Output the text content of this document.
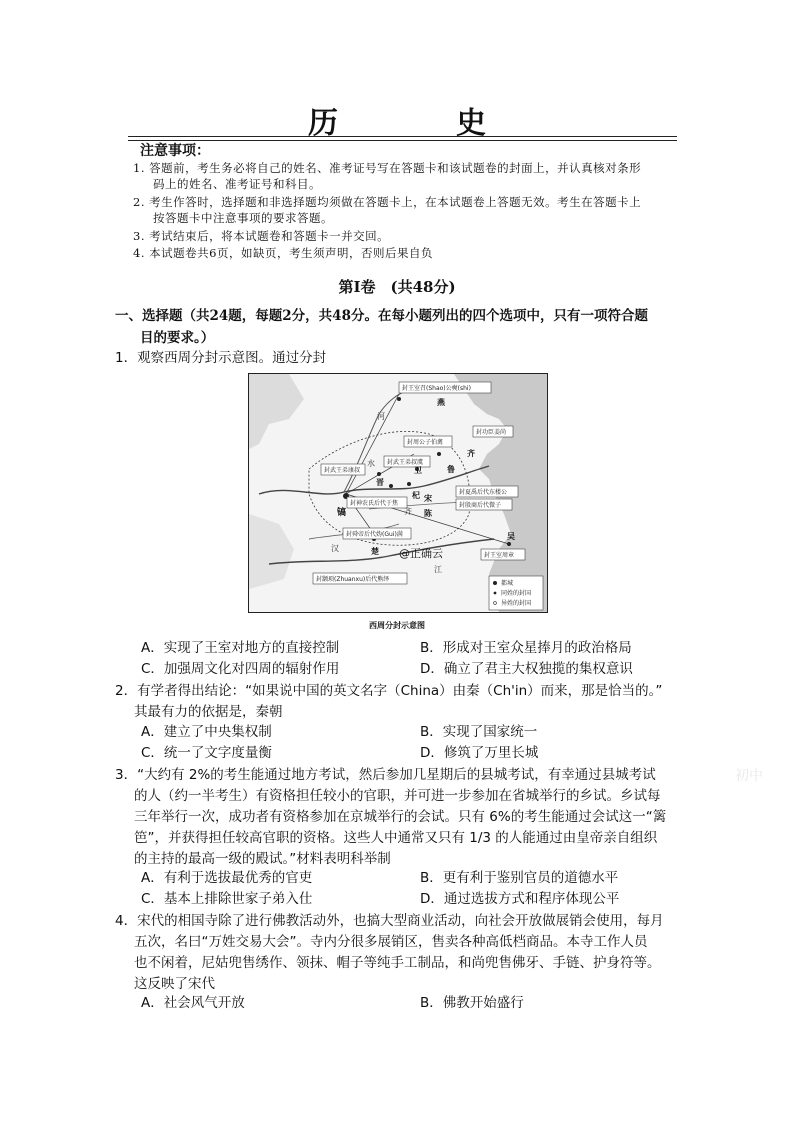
历　史
注意事项：
1. 答题前，考生务必将自己的姓名、准考证号写在答题卡和该试题卷的封面上，并认真核对条形
码上的姓名、准考证号和科目。
2. 考生作答时，选择题和非选择题均须做在答题卡上，在本试题卷上答题无效。考生在答题卡上
按答题卡中注意事项的要求答题。
3. 考试结束后，将本试题卷和答题卡一并交回。
4. 本试题卷共6页，如缺页，考生须声明，否则后果自负
第Ⅰ卷　(共48分)
一、选择题（共24题，每题2分，共48分。在每小题列出的四个选项中，只有一项符合题
目的要求。）
1．观察西周分封示意图。通过分封
封王室召(Shao)公奭(shi)
燕
封功臣姜尚
封周公子伯禽
齐
河
封武王弟康叔
封武王弟叔虞
卫	鲁
水
晋
宋
杞	封夏禹后代东楼公
封殷商后代微子
封神农氏后代于焦
镐	陈
齐
封舜帝后代妫(Gui)满	吴
楚
汉
江
封王室周章
封颛顼(Zhuanxu)后代熊绎
@正确云
都城
同姓的封国
异姓的封国
西周分封示意图
A．实现了王室对地方的直接控制	B．形成对王室众星捧月的政治格局
C．加强周文化对四周的辐射作用	D．确立了君主大权独揽的集权意识
2．有学者得出结论：“如果说中国的英文名字（China）由秦（Ch'in）而来，那是恰当的。”
其最有力的依据是，秦朝
A．建立了中央集权制	B．实现了国家统一
C．统一了文字度量衡	D．修筑了万里长城
3．“大约有 2%的考生能通过地方考试，然后参加几星期后的县城考试，有幸通过县城考试
的人（约一半考生）有资格担任较小的官职，并可进一步参加在省城举行的乡试。乡试每
三年举行一次，成功者有资格参加在京城举行的会试。只有 6%的考生能通过会试这一“篱
笆”，并获得担任较高官职的资格。这些人中通常又只有 1/3 的人能通过由皇帝亲自组织
的主持的最高一级的殿试。”材料表明科举制
A．有利于选拔最优秀的官吏	B．更有利于鉴别官员的道德水平
C．基本上排除世家子弟入仕	D．通过选拔方式和程序体现公平
4．宋代的相国寺除了进行佛教活动外，也搞大型商业活动，向社会开放做展销会使用，每月
五次，名曰“万姓交易大会”。寺内分很多展销区，售卖各种高低档商品。本寺工作人员
也不闲着，尼姑兜售绣作、领抹、帽子等纯手工制品，和尚兜售佛牙、手链、护身符等。
这反映了宋代
A．社会风气开放	B．佛教开始盛行
初中
